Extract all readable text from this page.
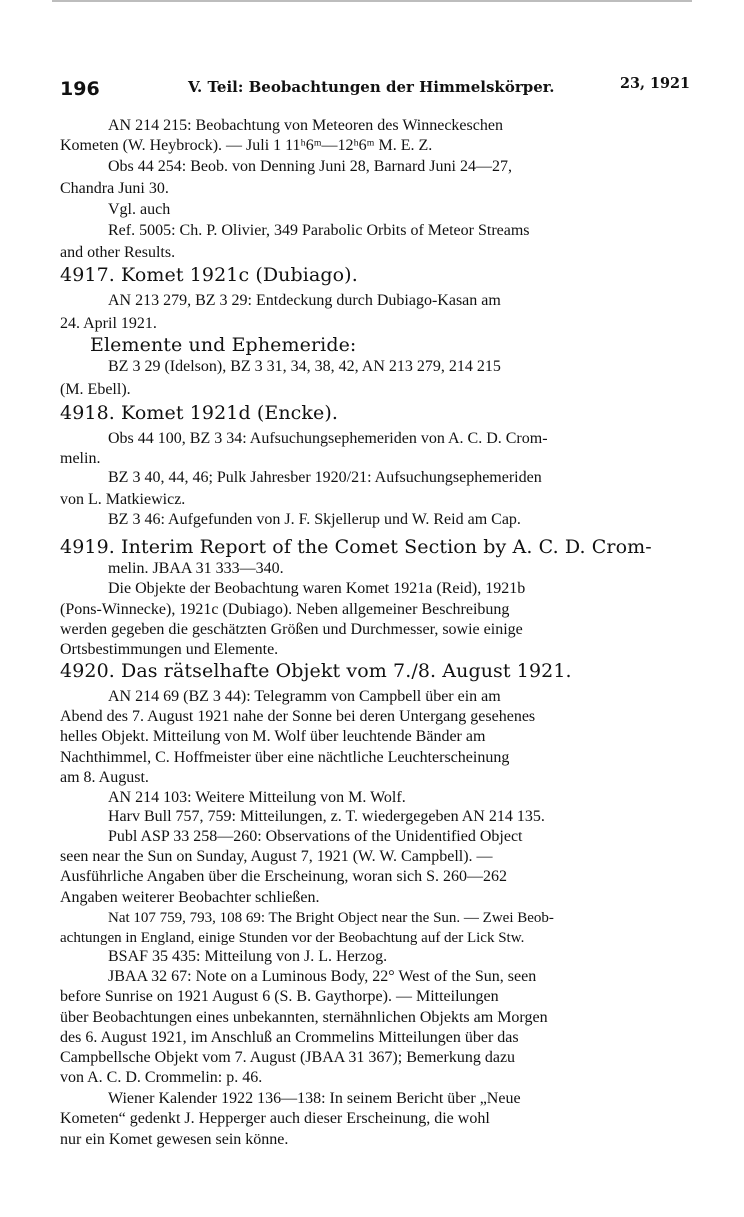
196	V. Teil: Beobachtungen der Himmelskörper.	23, 1921
AN 214 215: Beobachtung von Meteoren des Winneckeschen
Kometen (W. Heybrock). — Juli 1 11ʰ6ᵐ—12ʰ6ᵐ M. E. Z.
Obs 44 254: Beob. von Denning Juni 28, Barnard Juni 24—27,
Chandra Juni 30.
Vgl. auch
Ref. 5005: Ch. P. Olivier, 349 Parabolic Orbits of Meteor Streams
and other Results.
4917. Komet 1921c (Dubiago).
AN 213 279, BZ 3 29: Entdeckung durch Dubiago-Kasan am
24. April 1921.
Elemente und Ephemeride:
BZ 3 29 (Idelson), BZ 3 31, 34, 38, 42, AN 213 279, 214 215
(M. Ebell).
4918. Komet 1921d (Encke).
Obs 44 100, BZ 3 34: Aufsuchungsephemeriden von A. C. D. Crom-
melin.
BZ 3 40, 44, 46; Pulk Jahresber 1920/21: Aufsuchungsephemeriden
von L. Matkiewicz.
BZ 3 46: Aufgefunden von J. F. Skjellerup und W. Reid am Cap.
4919. Interim Report of the Comet Section by A. C. D. Crom-
melin. JBAA 31 333—340.
Die Objekte der Beobachtung waren Komet 1921a (Reid), 1921b
(Pons-Winnecke), 1921c (Dubiago). Neben allgemeiner Beschreibung
werden gegeben die geschätzten Größen und Durchmesser, sowie einige
Ortsbestimmungen und Elemente.
4920. Das rätselhafte Objekt vom 7./8. August 1921.
AN 214 69 (BZ 3 44): Telegramm von Campbell über ein am
Abend des 7. August 1921 nahe der Sonne bei deren Untergang gesehenes
helles Objekt. Mitteilung von M. Wolf über leuchtende Bänder am
Nachthimmel, C. Hoffmeister über eine nächtliche Leuchterscheinung
am 8. August.
AN 214 103: Weitere Mitteilung von M. Wolf.
Harv Bull 757, 759: Mitteilungen, z. T. wiedergegeben AN 214 135.
Publ ASP 33 258—260: Observations of the Unidentified Object
seen near the Sun on Sunday, August 7, 1921 (W. W. Campbell). —
Ausführliche Angaben über die Erscheinung, woran sich S. 260—262
Angaben weiterer Beobachter schließen.
Nat 107 759, 793, 108 69: The Bright Object near the Sun. — Zwei Beob-
achtungen in England, einige Stunden vor der Beobachtung auf der Lick Stw.
BSAF 35 435: Mitteilung von J. L. Herzog.
JBAA 32 67: Note on a Luminous Body, 22° West of the Sun, seen
before Sunrise on 1921 August 6 (S. B. Gaythorpe). — Mitteilungen
über Beobachtungen eines unbekannten, sternähnlichen Objekts am Morgen
des 6. August 1921, im Anschluß an Crommelins Mitteilungen über das
Campbellsche Objekt vom 7. August (JBAA 31 367); Bemerkung dazu
von A. C. D. Crommelin: p. 46.
Wiener Kalender 1922 136—138: In seinem Bericht über „Neue
Kometen“ gedenkt J. Hepperger auch dieser Erscheinung, die wohl
nur ein Komet gewesen sein könne.
